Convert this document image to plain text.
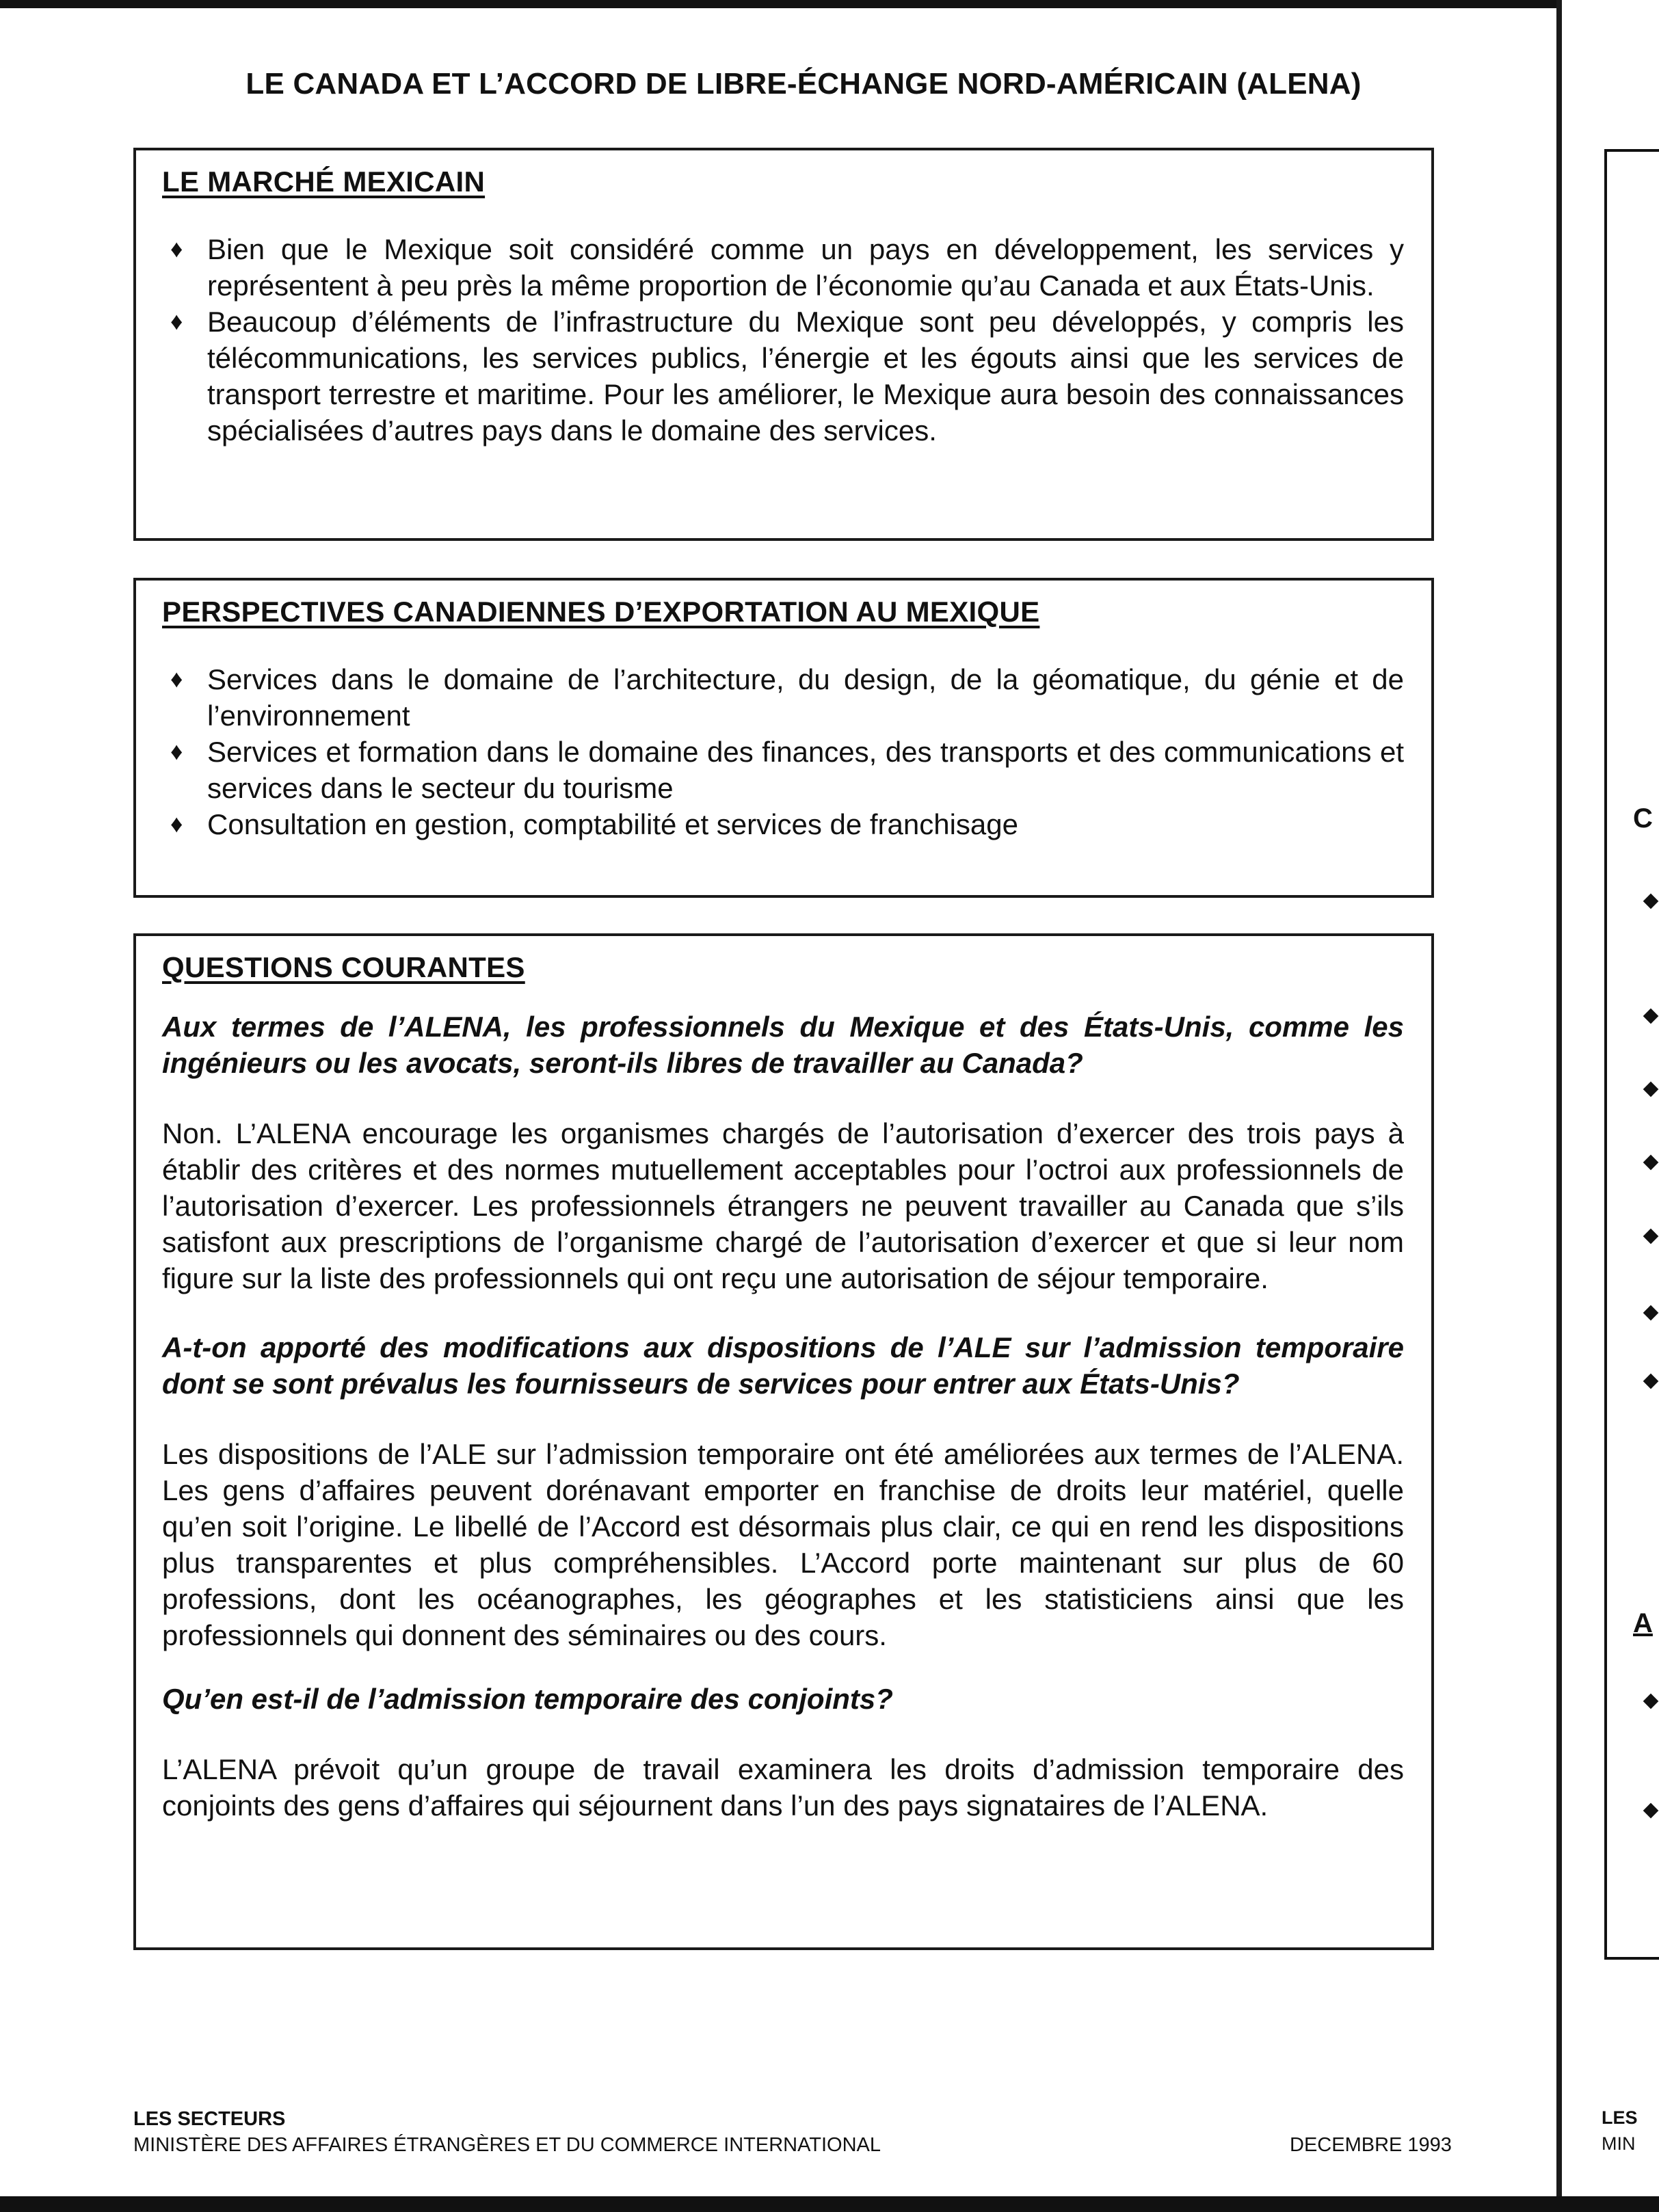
LE CANADA ET L’ACCORD DE LIBRE-ÉCHANGE NORD-AMÉRICAIN (ALENA)
LE MARCHÉ MEXICAIN
♦ Bien que le Mexique soit considéré comme un pays en développement, les services y représentent à peu près la même proportion de l’économie qu’au Canada et aux États-Unis.
♦ Beaucoup d’éléments de l’infrastructure du Mexique sont peu développés, y compris les télécommunications, les services publics, l’énergie et les égouts ainsi que les services de transport terrestre et maritime. Pour les améliorer, le Mexique aura besoin des connaissances spécialisées d’autres pays dans le domaine des services.
PERSPECTIVES CANADIENNES D’EXPORTATION AU MEXIQUE
♦ Services dans le domaine de l’architecture, du design, de la géomatique, du génie et de l’environnement
♦ Services et formation dans le domaine des finances, des transports et des communications et services dans le secteur du tourisme
♦ Consultation en gestion, comptabilité et services de franchisage
QUESTIONS COURANTES

Aux termes de l’ALENA, les professionnels du Mexique et des États-Unis, comme les ingénieurs ou les avocats, seront-ils libres de travailler au Canada?

Non. L’ALENA encourage les organismes chargés de l’autorisation d’exercer des trois pays à établir des critères et des normes mutuellement acceptables pour l’octroi aux professionnels de l’autorisation d’exercer. Les professionnels étrangers ne peuvent travailler au Canada que s’ils satisfont aux prescriptions de l’organisme chargé de l’autorisation d’exercer et que si leur nom figure sur la liste des professionnels qui ont reçu une autorisation de séjour temporaire.

A-t-on apporté des modifications aux dispositions de l’ALE sur l’admission temporaire dont se sont prévalus les fournisseurs de services pour entrer aux États-Unis?

Les dispositions de l’ALE sur l’admission temporaire ont été améliorées aux termes de l’ALENA. Les gens d’affaires peuvent dorénavant emporter en franchise de droits leur matériel, quelle qu’en soit l’origine. Le libellé de l’Accord est désormais plus clair, ce qui en rend les dispositions plus transparentes et plus compréhensibles. L’Accord porte maintenant sur plus de 60 professions, dont les océanographes, les géographes et les statisticiens ainsi que les professionnels qui donnent des séminaires ou des cours.

Qu’en est-il de l’admission temporaire des conjoints?

L’ALENA prévoit qu’un groupe de travail examinera les droits d’admission temporaire des conjoints des gens d’affaires qui séjournent dans l’un des pays signataires de l’ALENA.

LES SECTEURS
MINISTÈRE DES AFFAIRES ÉTRANGÈRES ET DU COMMERCE INTERNATIONAL	DECEMBRE 1993
C
A
LES
MIN
